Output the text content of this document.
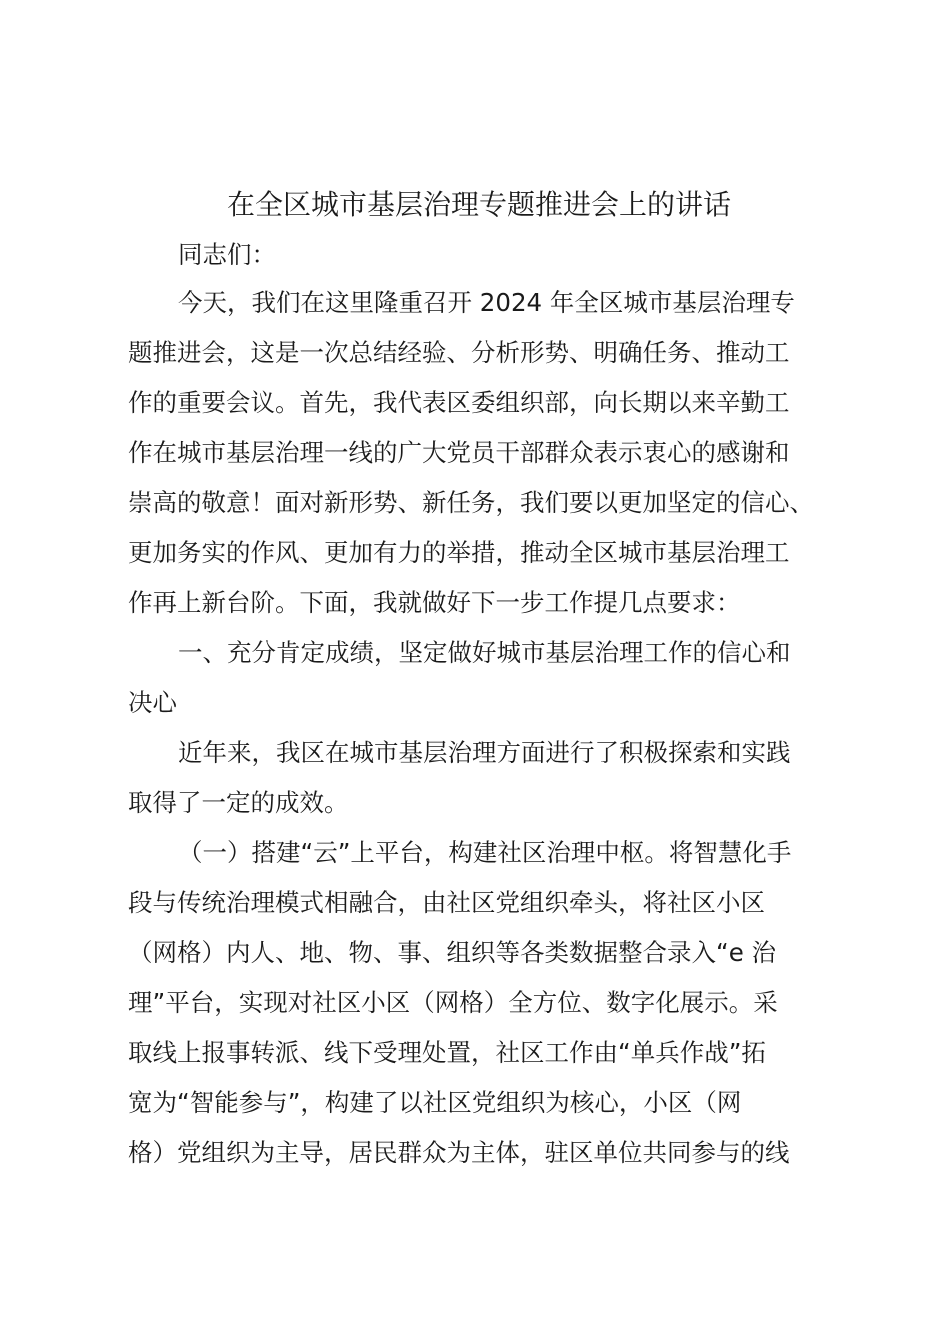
在全区城市基层治理专题推进会上的讲话
同志们：
今天，我们在这里隆重召开 2024 年全区城市基层治理专
题推进会，这是一次总结经验、分析形势、明确任务、推动工
作的重要会议。首先，我代表区委组织部，向长期以来辛勤工
作在城市基层治理一线的广大党员干部群众表示衷心的感谢和
崇高的敬意！面对新形势、新任务，我们要以更加坚定的信心、
更加务实的作风、更加有力的举措，推动全区城市基层治理工
作再上新台阶。下面，我就做好下一步工作提几点要求：
一、充分肯定成绩，坚定做好城市基层治理工作的信心和
决心
近年来，我区在城市基层治理方面进行了积极探索和实践
取得了一定的成效。
（一）搭建“云”上平台，构建社区治理中枢。将智慧化手
段与传统治理模式相融合，由社区党组织牵头，将社区小区
（网格）内人、地、物、事、组织等各类数据整合录入“e 治
理”平台，实现对社区小区（网格）全方位、数字化展示。采
取线上报事转派、线下受理处置，社区工作由“单兵作战”拓
宽为“智能参与”，构建了以社区党组织为核心，小区（网
格）党组织为主导，居民群众为主体，驻区单位共同参与的线
